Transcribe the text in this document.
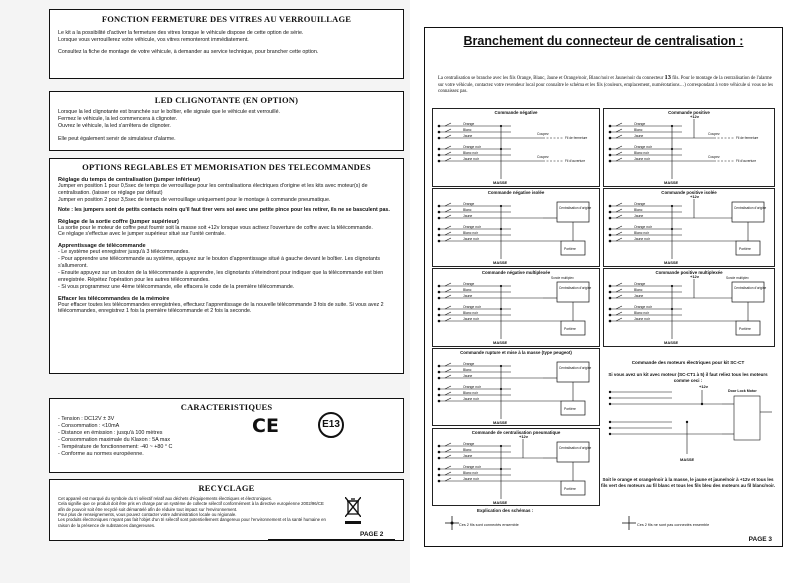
FONCTION FERMETURE DES VITRES AU VERROUILLAGE

Le kit a la possibilité d'activer la fermeture des vitres lorsque le véhicule dispose de cette option de série.

Lorsque vous verrouillerez votre véhicule, vos vitres remonteront immédiatement.

Consultez la fiche de montage de votre véhicule, à demander au service technique, pour brancher cette option.

LED CLIGNOTANTE (EN OPTION)

Lorsque la led clignotante est branchée sur le boîtier, elle signale que le véhicule est verrouillé.

Fermez le véhicule, la led commencera à clignoter.

Ouvrez le véhicule, la led s'arrêtera de clignoter.

Elle peut également servir de simulateur d'alarme.

OPTIONS REGLABLES ET MEMORISATION DES TELECOMMANDES
Réglage du temps de centralisation (jumper inférieur)

Jumper en position 1 pour 0,5sec de temps de verrouillage pour les centralisations électriques d'origine et les kits avec moteur(s) de centralisation. (laisser ce réglage par défaut)

Jumper en position 2 pour 3,5sec de temps de verrouillage uniquement pour le montage à commande pneumatique.

Note : les jumpers sont de petits contacts noirs qu'il faut tirer vers soi avec une petite pince pour les retirer, ils ne se basculent pas.

Réglage de la sortie coffre (jumper supérieur)

La sortie pour le moteur de coffre peut fournir soit la masse soit +12v lorsque vous activez l'ouverture de coffre avec la télécommande.

Ce réglage s'effectue avec le jumper supérieur situé sur l'unité centrale.

Apprentissage de télécommande

- Le système peut enregistrer jusqu'à 3 télécommandes.

- Pour apprendre une télécommande au système, appuyez sur le bouton d'apprentissage situé à gauche devant le boîtier. Les clignotants s'allumeront.

- Ensuite appuyez sur un bouton de la télécommande à apprendre, les clignotants s'éteindront pour indiquer que la télécommande est bien enregistrée. Répétez l'opération pour les autres télécommandes.

- Si vous programmez une 4ème télécommande, elle effacera le code de la première télécommande.

Effacer les télécommandes de la mémoire

Pour effacer toutes les télécommandes enregistrées, effectuez l'apprentissage de la nouvelle télécommande 3 fois de suite. Si vous avez 2 télécommandes, enregistrez 1 fois la première télécommande et 2 fois la seconde.

CARACTERISTIQUES

- Tension : DC12V ± 3V

- Consommation : <10mA

- Distance en émission : jusqu'à 100 mètres

- Consommation maximale du Klaxon : 5A max

- Température de fonctionnement: -40 ~ +80 ° C

- Conforme au normes européenne.

CE	E13
RECYCLAGE

Cet appareil est marqué du symbole du tri sélectif relatif aux déchets d'équipements électriques et électroniques.

Cela signifie que ce produit doit être pris en charge par un système de collecte sélectif conformément à la directive européenne 2002/96/CE afin de pouvoir soit être recyclé soit démantelé afin de réduire tout impact sur l'environnement.

Pour plus de renseignements, vous pouvez contacter votre administration locale ou régionale.

Les produits électroniques n'ayant pas fait l'objet d'un tri sélectif sont potentiellement dangereux pour l'environnement et la santé humaine en raison de la présence de substances dangereuses.

PAGE 2
Branchement du connecteur de centralisation :
La centralisation se branche avec les fils Orange, Blanc, Jaune et Orange/noir, Blanc/noir et Jaune/noir du connecteur 13 fils. Pour le montage de la centralisation de l'alarme sur votre véhicule, contactez votre revendeur local pour connaître le schéma et les fils (couleurs, emplacement, numérotations…) correspondant à votre véhicule si vous ne les connaissez pas.
Commande négative
Orange
Blanc
Jaune
Orange noir
Blanc noir
Jaune noir
MASSE
Coupez
Coupez
Fil de fermeture
Fil d'ouverture
Commande positive
Orange
Blanc
Jaune
Orange noir
Blanc noir
Jaune noir
MASSE
+12v
Coupez
Coupez
Fil de fermeture
Fil d'ouverture
Commande négative isolée
Orange
Blanc
Jaune
Orange noir
Blanc noir
Jaune noir
MASSE
Centralisation d'origine
Portière
Commande positive isolée
Orange
Blanc
Jaune
Orange noir
Blanc noir
Jaune noir
MASSE
+12v
Centralisation d'origine
Portière
Commande négative multiplexée
Orange
Blanc
Jaune
Orange noir
Blanc noir
Jaune noir
MASSE
Centralisation d'origine
Portière
Sonde multiplex
Commande positive multiplexée
Orange
Blanc
Jaune
Orange noir
Blanc noir
Jaune noir
MASSE
+12v
Centralisation d'origine
Portière
Sonde multiplex
Commande rupture et mise à la masse (type peugeot)
Orange
Blanc
Jaune
Orange noir
Blanc noir
Jaune noir
MASSE
Centralisation d'origine
Portière
Commande de centralisation pneumatique
Orange
Blanc
Jaune
Orange noir
Blanc noir
Jaune noir
MASSE
+12v
Centralisation d'origine
Portière
Commande des moteurs électriques pour kit SC-CT
Si vous avez un kit avec moteur (SC-CT1 à 5) il faut reliez tous les moteurs comme ceci :
+12v
MASSE
Door Lock Motor
Soit le orange et orange/noir à la masse, le jaune et jaune/noir à +12v et tous les fils vert des moteurs au fil blanc et tous les fils bleu des moteurs au fil blanc/noir.
Explication des schémas :
Ces 2 fils sont connectés ensemble	Ces 2 fils ne sont pas connectés ensemble
PAGE 3
